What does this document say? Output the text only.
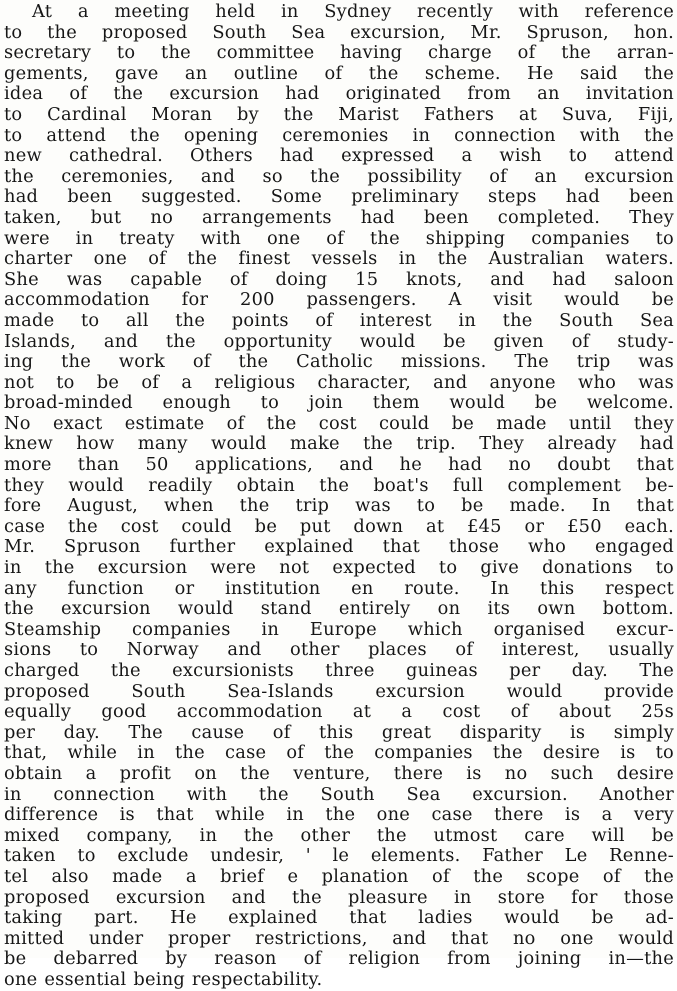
At a meeting held in Sydney recently with reference
to the proposed South Sea excursion, Mr. Spruson, hon.
secretary to the committee having charge of the arran-
gements, gave an outline of the scheme. He said the
idea of the excursion had originated from an invitation
to Cardinal Moran by the Marist Fathers at Suva, Fiji,
to attend the opening ceremonies in connection with the
new cathedral. Others had expressed a wish to attend
the ceremonies, and so the possibility of an excursion
had been suggested. Some preliminary steps had been
taken, but no arrangements had been completed. They
were in treaty with one of the shipping companies to
charter one of the finest vessels in the Australian waters.
She was capable of doing 15 knots, and had saloon
accommodation for 200 passengers. A visit would be
made to all the points of interest in the South Sea
Islands, and the opportunity would be given of study-
ing the work of the Catholic missions. The trip was
not to be of a religious character, and anyone who was
broad-minded enough to join them would be welcome.
No exact estimate of the cost could be made until they
knew how many would make the trip. They already had
more than 50 applications, and he had no doubt that
they would readily obtain the boat's full complement be-
fore August, when the trip was to be made. In that
case the cost could be put down at £45 or £50 each.
Mr. Spruson further explained that those who engaged
in the excursion were not expected to give donations to
any function or institution en route. In this respect
the excursion would stand entirely on its own bottom.
Steamship companies in Europe which organised excur-
sions to Norway and other places of interest, usually
charged the excursionists three guineas per day. The
proposed South Sea-Islands excursion would provide
equally good accommodation at a cost of about 25s
per day. The cause of this great disparity is simply
that, while in the case of the companies the desire is to
obtain a profit on the venture, there is no such desire
in connection with the South Sea excursion. Another
difference is that while in the one case there is a very
mixed company, in the other the utmost care will be
taken to exclude undesir, ' le elements. Father Le Renne-
tel also made a brief e planation of the scope of the
proposed excursion and the pleasure in store for those
taking part. He explained that ladies would be ad-
mitted under proper restrictions, and that no one would
be debarred by reason of religion from joining in—the
one essential being respectability.
